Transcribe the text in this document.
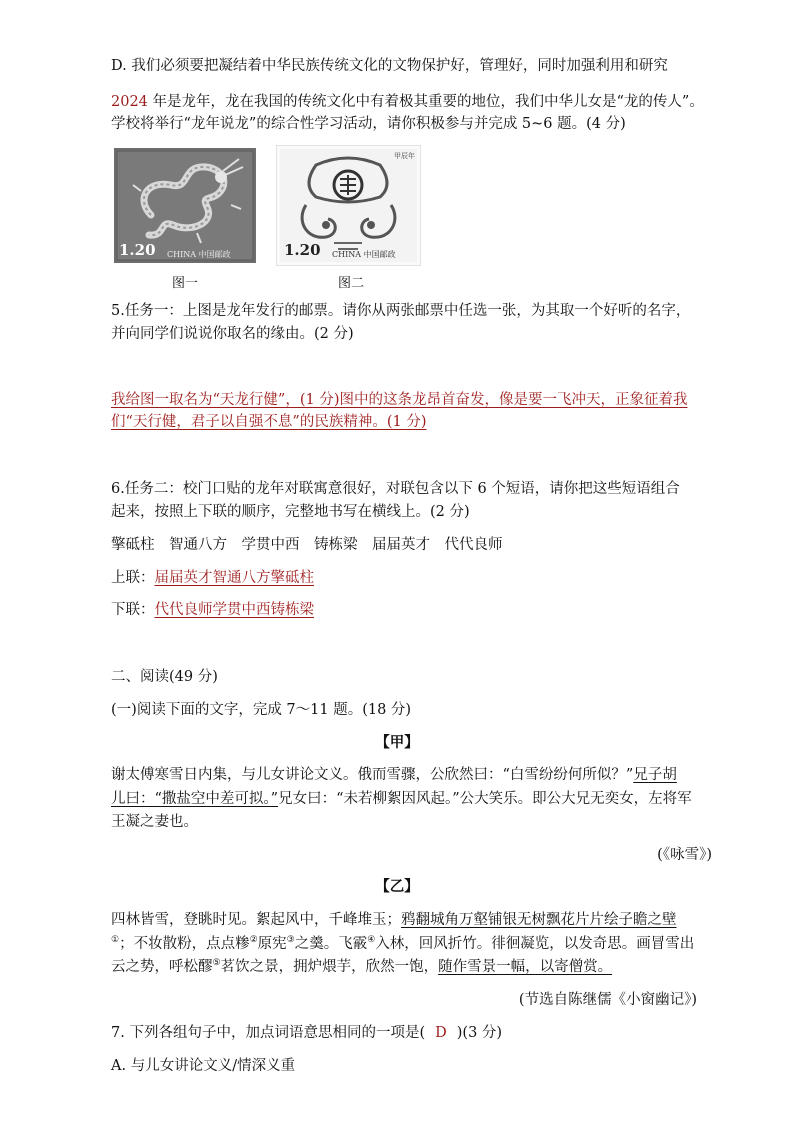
D. 我们必须要把凝结着中华民族传统文化的文物保护好，管理好，同时加强利用和研究

2024 年是龙年，龙在我国的传统文化中有着极其重要的地位，我们中华儿女是“龙的传人”。

学校将举行“龙年说龙”的综合性学习活动，请你积极参与并完成 5~6 题。(4 分)

1.20 CHINA 中国邮政
图一
甲辰年
1.20 CHINA 中国邮政
图二

5.任务一：上图是龙年发行的邮票。请你从两张邮票中任选一张，为其取一个好听的名字，

并向同学们说说你取名的缘由。(2 分)

我给图一取名为“天龙行健”，(1 分)图中的这条龙昂首奋发，像是要一飞冲天，正象征着我

们“天行健，君子以自强不息”的民族精神。(1 分)

6.任务二：校门口贴的龙年对联寓意很好，对联包含以下 6 个短语，请你把这些短语组合

起来，按照上下联的顺序，完整地书写在横线上。(2 分)

擎砥柱　智通八方　学贯中西　铸栋梁　届届英才　代代良师

上联：届届英才智通八方擎砥柱

下联：代代良师学贯中西铸栋梁

二、阅读(49 分)

(一)阅读下面的文字，完成 7～11 题。(18 分)

【甲】

谢太傅寒雪日内集，与儿女讲论文义。俄而雪骤，公欣然曰：“白雪纷纷何所似？”兄子胡

儿曰：“撒盐空中差可拟。”兄女曰：“未若柳絮因风起。”公大笑乐。即公大兄无奕女，左将军

王凝之妻也。

(《咏雪》)

【乙】

四林皆雪，登眺时见。絮起风中，千峰堆玉；鸦翻城角万壑铺银无树飘花片片绘子瞻之壁

①；不妆散粉，点点糁②原宪③之羹。飞霰④入林，回风折竹。徘徊凝览，以发奇思。画冒雪出

云之势，呼松醪⑤茗饮之景，拥炉煨芋，欣然一饱，随作雪景一幅，以寄僧赏。

(节选自陈继儒《小窗幽记》)

7. 下列各组句子中，加点词语意思相同的一项是( D )(3 分)

A. 与儿女讲论文义/情深义重
